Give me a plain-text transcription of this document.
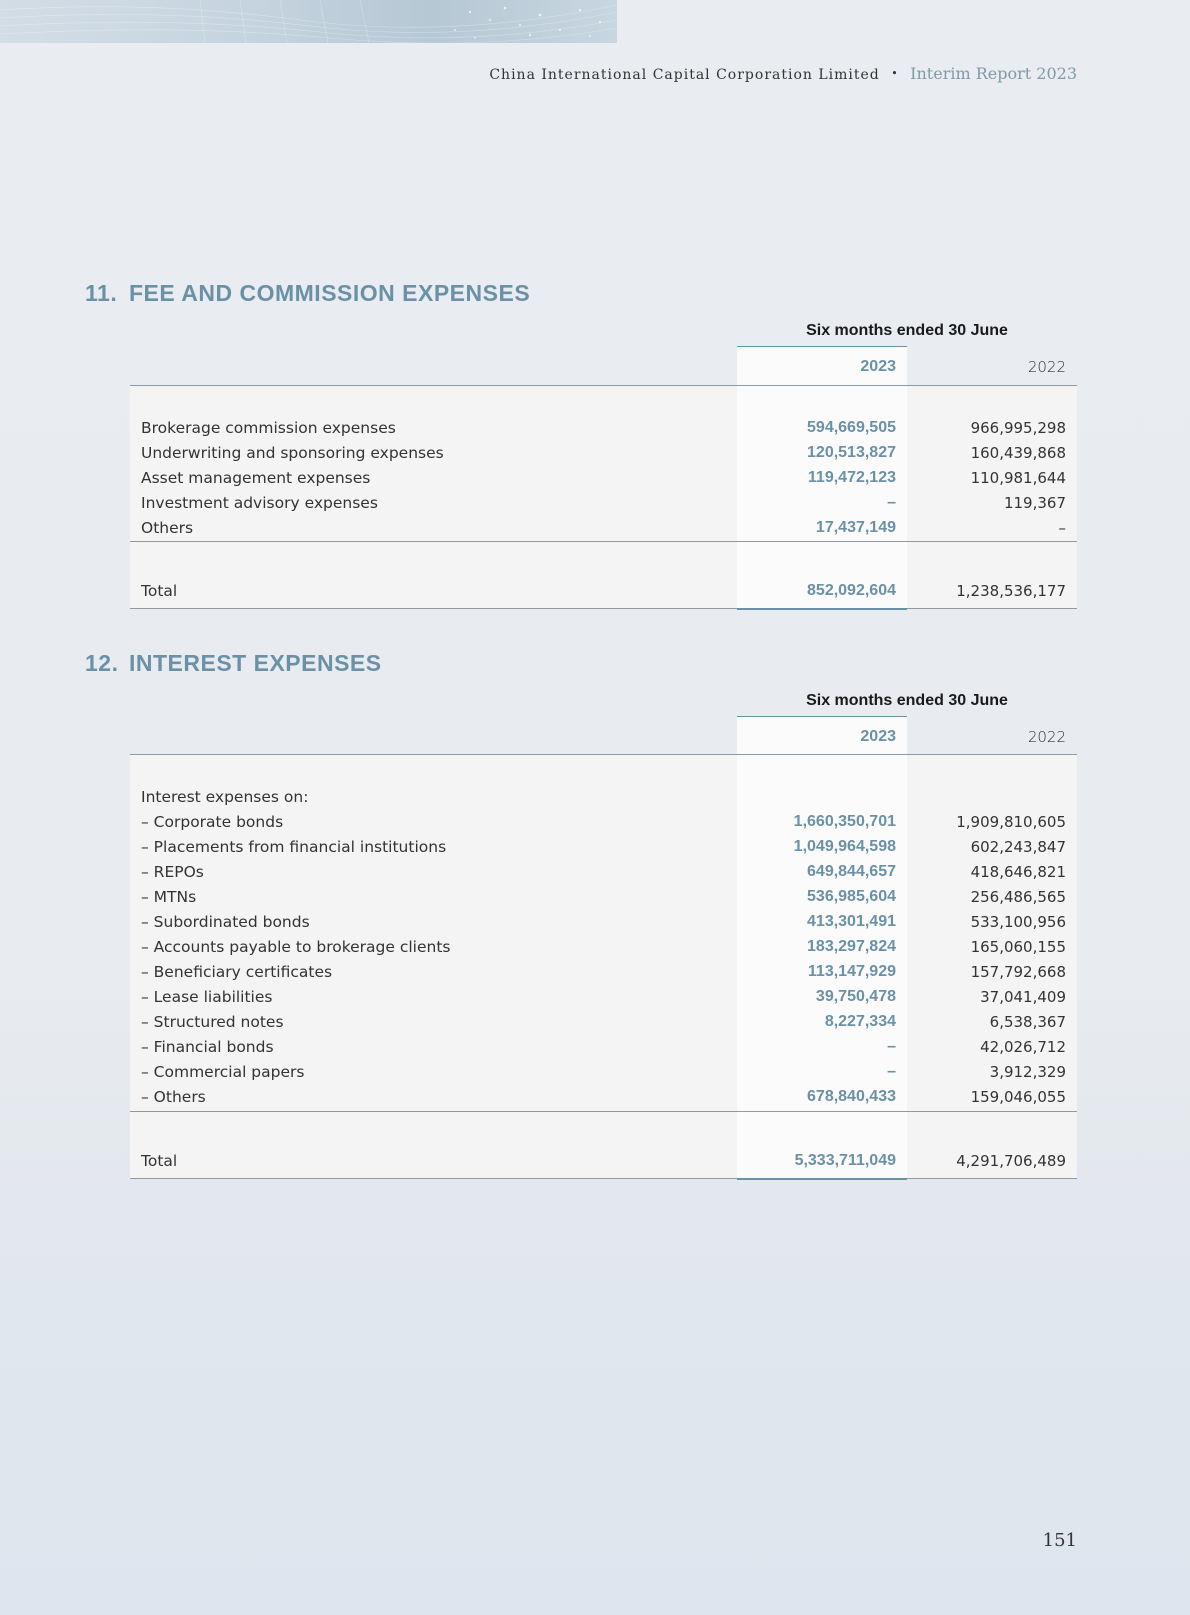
China International Capital Corporation Limited • Interim Report 2023
11. FEE AND COMMISSION EXPENSES
Six months ended 30 June
2023	2022
Brokerage commission expenses	594,669,505	966,995,298
Underwriting and sponsoring expenses	120,513,827	160,439,868
Asset management expenses	119,472,123	110,981,644
Investment advisory expenses	–	119,367
Others	17,437,149	–
Total	852,092,604	1,238,536,177
12. INTEREST EXPENSES
Six months ended 30 June
2023	2022
Interest expenses on:
– Corporate bonds	1,660,350,701	1,909,810,605
– Placements from financial institutions	1,049,964,598	602,243,847
– REPOs	649,844,657	418,646,821
– MTNs	536,985,604	256,486,565
– Subordinated bonds	413,301,491	533,100,956
– Accounts payable to brokerage clients	183,297,824	165,060,155
– Beneficiary certificates	113,147,929	157,792,668
– Lease liabilities	39,750,478	37,041,409
– Structured notes	8,227,334	6,538,367
– Financial bonds	–	42,026,712
– Commercial papers	–	3,912,329
– Others	678,840,433	159,046,055
Total	5,333,711,049	4,291,706,489
151
